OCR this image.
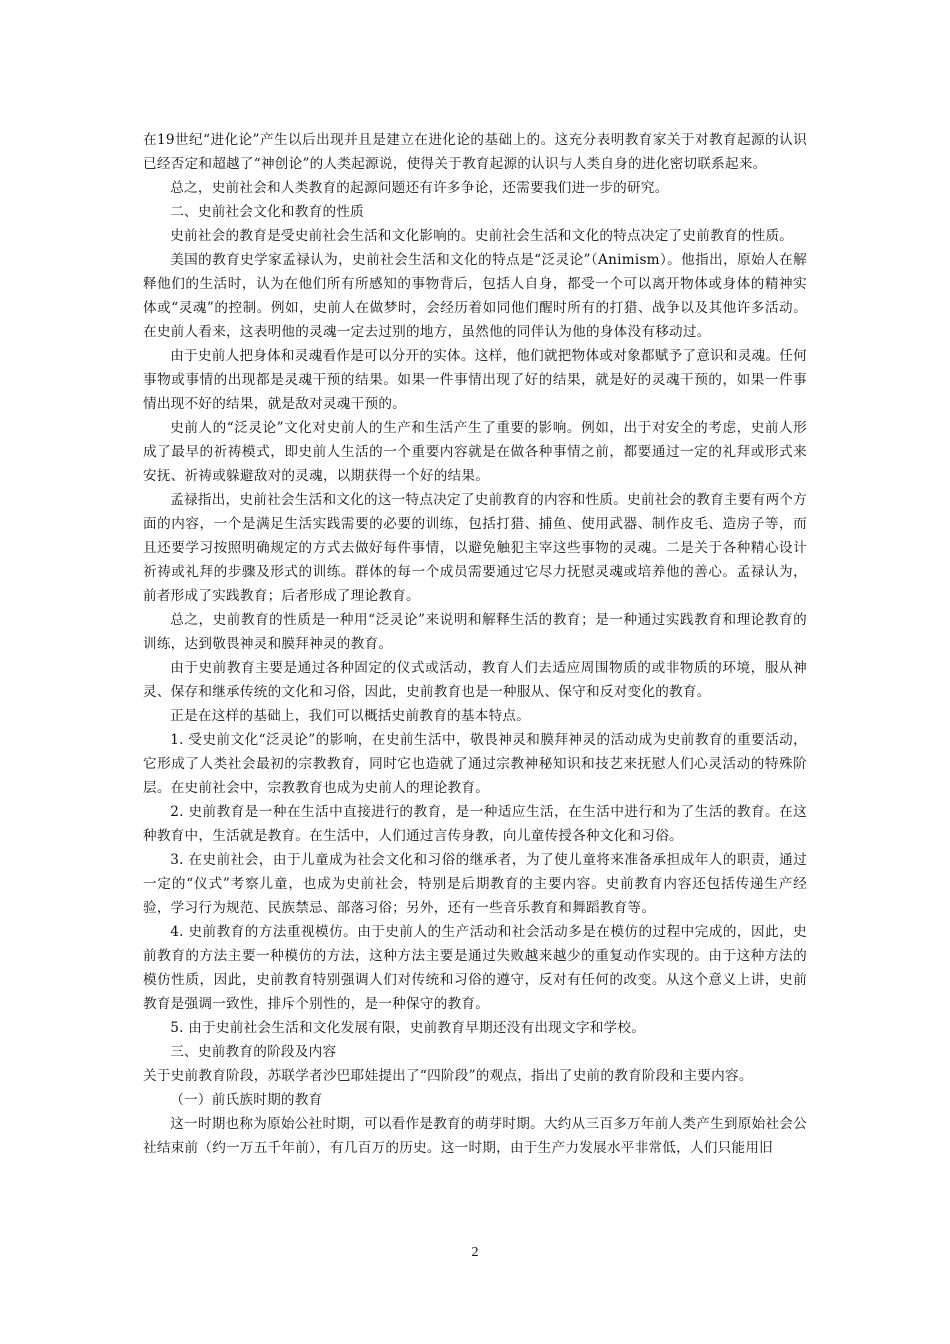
在19世纪“进化论”产生以后出现并且是建立在进化论的基础上的。这充分表明教育家关于对教育起源的认识已经否定和超越了“神创论”的人类起源说，使得关于教育起源的认识与人类自身的进化密切联系起来。

总之，史前社会和人类教育的起源问题还有许多争论，还需要我们进一步的研究。

二、史前社会文化和教育的性质

史前社会的教育是受史前社会生活和文化影响的。史前社会生活和文化的特点决定了史前教育的性质。

美国的教育史学家孟禄认为，史前社会生活和文化的特点是“泛灵论”（Animism）。他指出，原始人在解释他们的生活时，认为在他们所有所感知的事物背后，包括人自身，都受一个可以离开物体或身体的精神实体或“灵魂”的控制。例如，史前人在做梦时，会经历着如同他们醒时所有的打猎、战争以及其他许多活动。在史前人看来，这表明他的灵魂一定去过别的地方，虽然他的同伴认为他的身体没有移动过。

由于史前人把身体和灵魂看作是可以分开的实体。这样，他们就把物体或对象都赋予了意识和灵魂。任何事物或事情的出现都是灵魂干预的结果。如果一件事情出现了好的结果，就是好的灵魂干预的，如果一件事情出现不好的结果，就是敌对灵魂干预的。

史前人的“泛灵论”文化对史前人的生产和生活产生了重要的影响。例如，出于对安全的考虑，史前人形成了最早的祈祷模式，即史前人生活的一个重要内容就是在做各种事情之前，都要通过一定的礼拜或形式来安抚、祈祷或躲避敌对的灵魂，以期获得一个好的结果。

孟禄指出，史前社会生活和文化的这一特点决定了史前教育的内容和性质。史前社会的教育主要有两个方面的内容，一个是满足生活实践需要的必要的训练，包括打猎、捕鱼、使用武器、制作皮毛、造房子等，而且还要学习按照明确规定的方式去做好每件事情，以避免触犯主宰这些事物的灵魂。二是关于各种精心设计祈祷或礼拜的步骤及形式的训练。群体的每一个成员需要通过它尽力抚慰灵魂或培养他的善心。孟禄认为，前者形成了实践教育；后者形成了理论教育。

总之，史前教育的性质是一种用“泛灵论”来说明和解释生活的教育；是一种通过实践教育和理论教育的训练，达到敬畏神灵和膜拜神灵的教育。

由于史前教育主要是通过各种固定的仪式或活动，教育人们去适应周围物质的或非物质的环境，服从神灵、保存和继承传统的文化和习俗，因此，史前教育也是一种服从、保守和反对变化的教育。

正是在这样的基础上，我们可以概括史前教育的基本特点。

1. 受史前文化“泛灵论”的影响，在史前生活中，敬畏神灵和膜拜神灵的活动成为史前教育的重要活动，它形成了人类社会最初的宗教教育，同时它也造就了通过宗教神秘知识和技艺来抚慰人们心灵活动的特殊阶层。在史前社会中，宗教教育也成为史前人的理论教育。

2. 史前教育是一种在生活中直接进行的教育，是一种适应生活，在生活中进行和为了生活的教育。在这种教育中，生活就是教育。在生活中，人们通过言传身教，向儿童传授各种文化和习俗。

3. 在史前社会，由于儿童成为社会文化和习俗的继承者，为了使儿童将来准备承担成年人的职责，通过一定的“仪式”考察儿童，也成为史前社会，特别是后期教育的主要内容。史前教育内容还包括传递生产经验，学习行为规范、民族禁忌、部落习俗；另外，还有一些音乐教育和舞蹈教育等。

4. 史前教育的方法重视模仿。由于史前人的生产活动和社会活动多是在模仿的过程中完成的，因此，史前教育的方法主要一种模仿的方法，这种方法主要是通过失败越来越少的重复动作实现的。由于这种方法的模仿性质，因此，史前教育特别强调人们对传统和习俗的遵守，反对有任何的改变。从这个意义上讲，史前教育是强调一致性，排斥个别性的，是一种保守的教育。

5. 由于史前社会生活和文化发展有限，史前教育早期还没有出现文字和学校。

三、史前教育的阶段及内容

关于史前教育阶段，苏联学者沙巴耶娃提出了“四阶段”的观点，指出了史前的教育阶段和主要内容。

（一）前氏族时期的教育

这一时期也称为原始公社时期，可以看作是教育的萌芽时期。大约从三百多万年前人类产生到原始社会公社结束前（约一万五千年前），有几百万的历史。这一时期，由于生产力发展水平非常低，人们只能用旧

2
